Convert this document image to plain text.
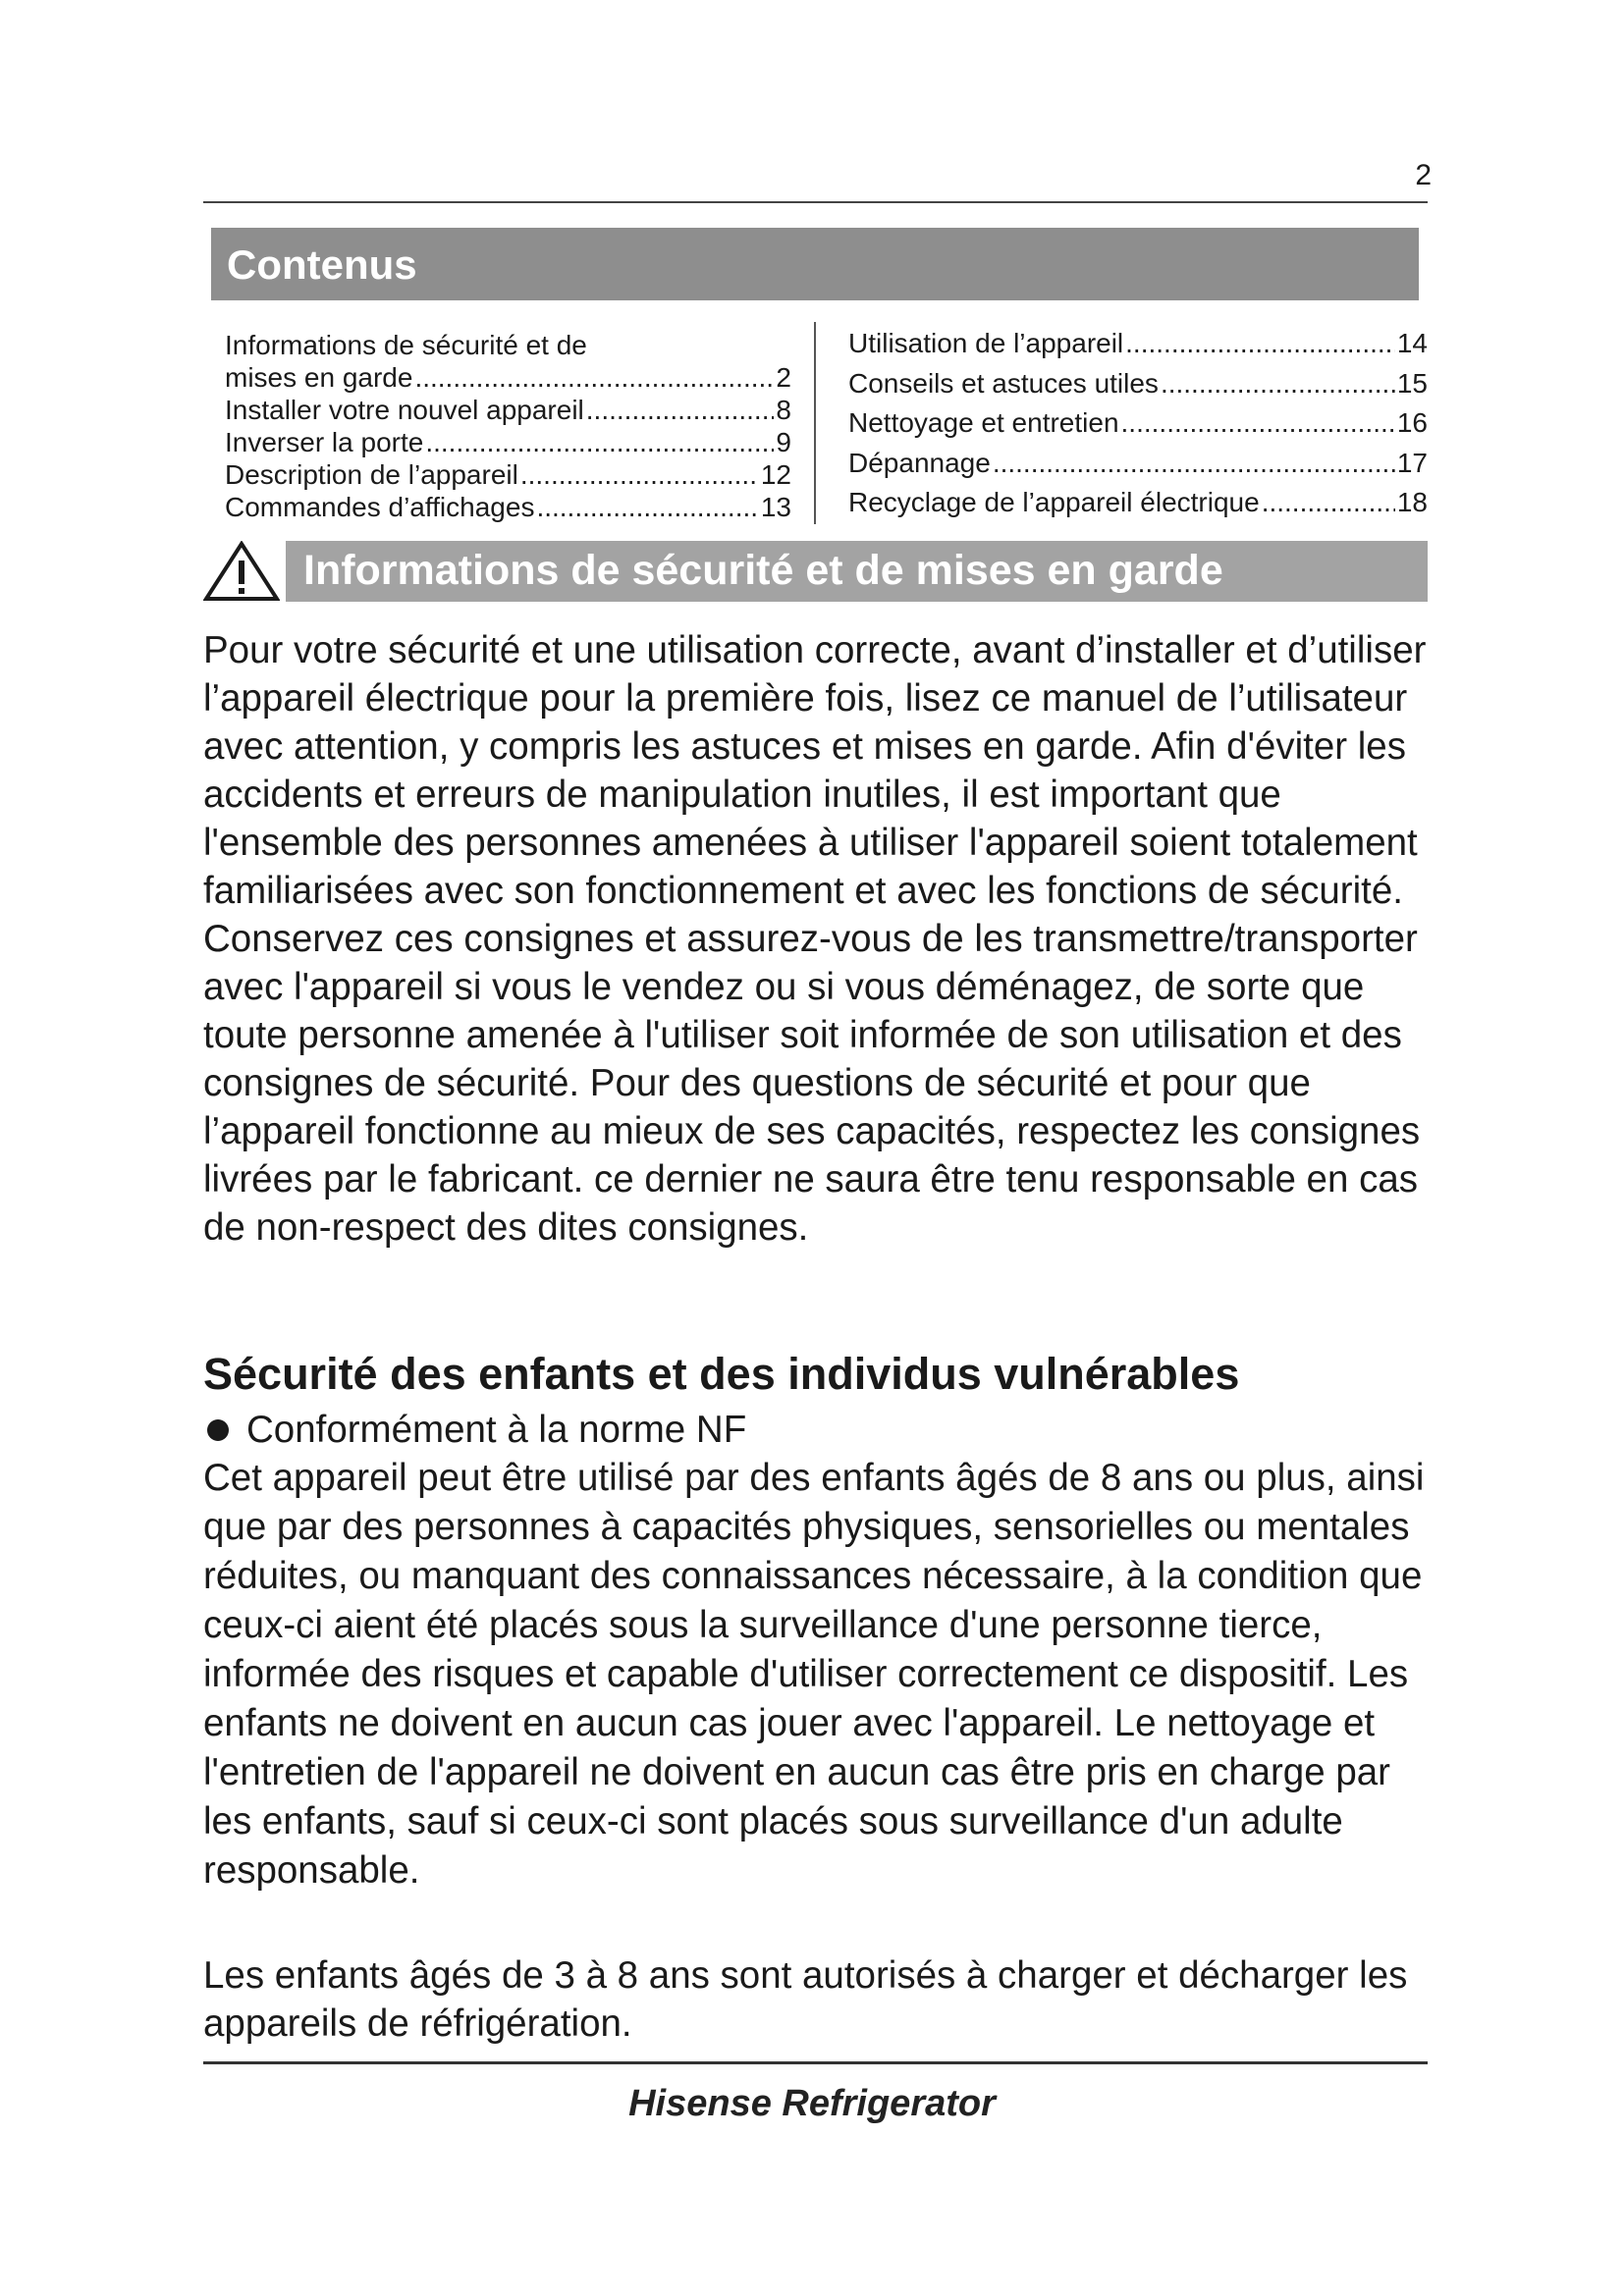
2
Contenus
Informations de sécurité et de
mises en garde .....	2
Installer votre nouvel appareil .....	8
Inverser la porte .....	9
Description de l’appareil .....	12
Commandes d’affichages .....	13
Utilisation de l’appareil .....	14
Conseils et astuces utiles .....	15
Nettoyage et entretien .....	16
Dépannage .....	17
Recyclage de l’appareil électrique .....	18
Informations de sécurité et de mises en garde

Pour votre sécurité et une utilisation correcte, avant d’installer et d’utiliser l’appareil électrique pour la première fois, lisez ce manuel de l’utilisateur avec attention, y compris les astuces et mises en garde. Afin d'éviter les accidents et erreurs de manipulation inutiles, il est important que l'ensemble des personnes amenées à utiliser l'appareil soient totalement familiarisées avec son fonctionnement et avec les fonctions de sécurité. Conservez ces consignes et assurez-vous de les transmettre/transporter avec l'appareil si vous le vendez ou si vous déménagez, de sorte que toute personne amenée à l'utiliser soit informée de son utilisation et des consignes de sécurité. Pour des questions de sécurité et pour que l’appareil fonctionne au mieux de ses capacités, respectez les consignes livrées par le fabricant. ce dernier ne saura être tenu responsable en cas de non-respect des dites consignes.

Sécurité des enfants et des individus vulnérables
Conformément à la norme NF

Cet appareil peut être utilisé par des enfants âgés de 8 ans ou plus, ainsi que par des personnes à capacités physiques, sensorielles ou mentales réduites, ou manquant des connaissances nécessaire, à la condition que ceux-ci aient été placés sous la surveillance d'une personne tierce, informée des risques et capable d'utiliser correctement ce dispositif. Les enfants ne doivent en aucun cas jouer avec l'appareil. Le nettoyage et l'entretien de l'appareil ne doivent en aucun cas être pris en charge par les enfants, sauf si ceux-ci sont placés sous surveillance d'un adulte responsable.

Les enfants âgés de 3 à 8 ans sont autorisés à charger et décharger les appareils de réfrigération.

Hisense Refrigerator
